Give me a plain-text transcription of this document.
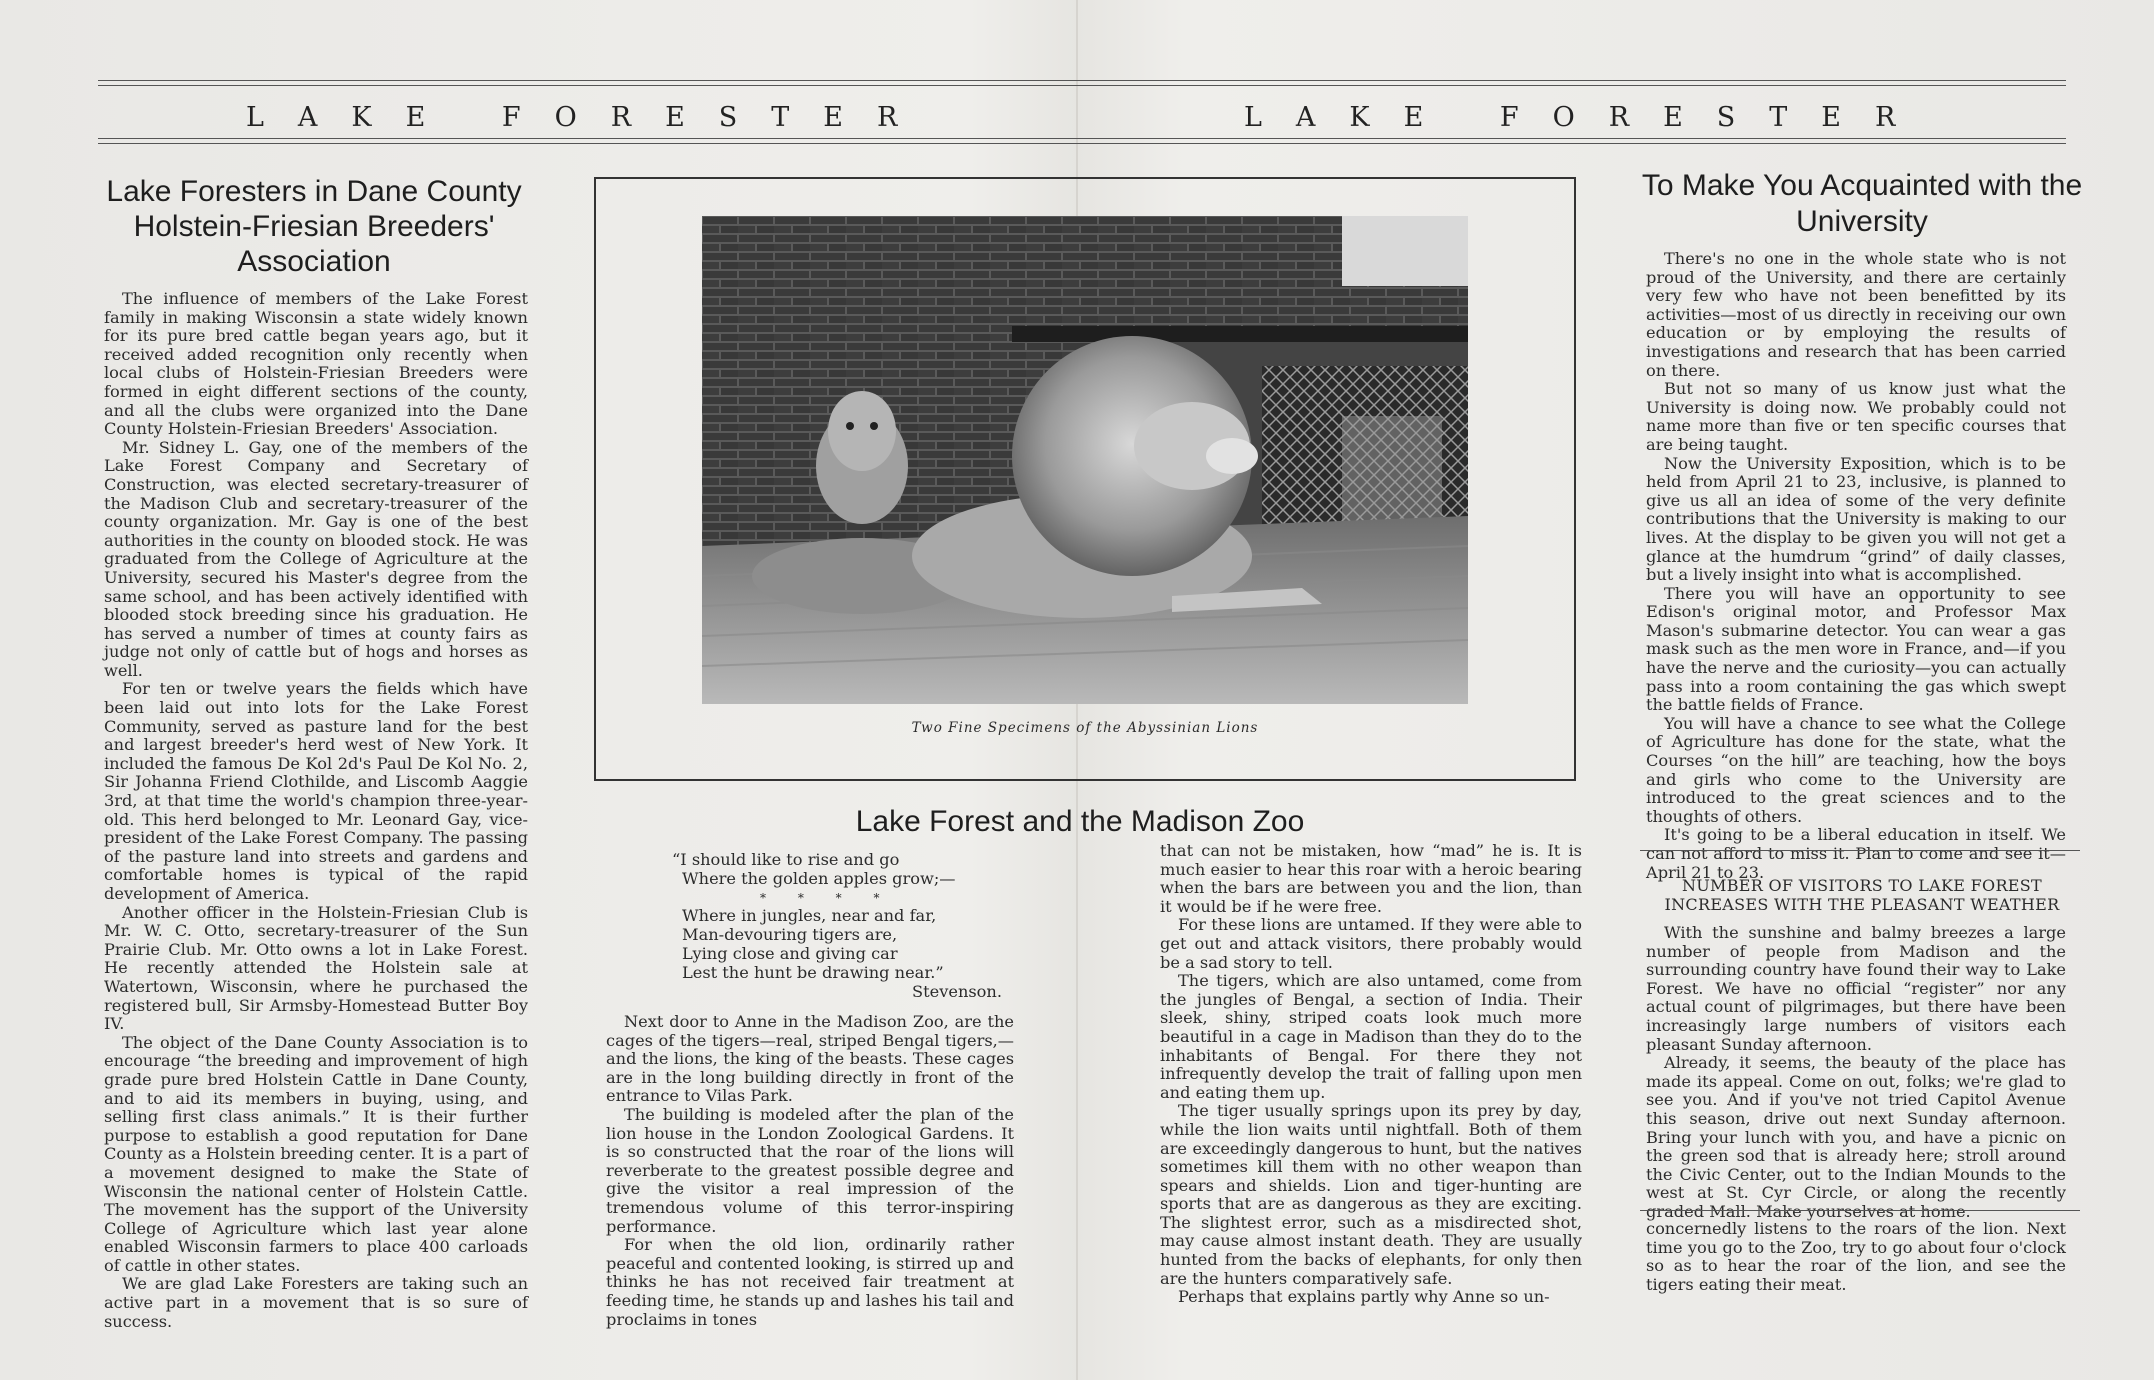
LAKE FORESTER	LAKE FORESTER
Lake Foresters in Dane County Holstein-Friesian Breeders' Association

The influence of members of the Lake Forest family in making Wisconsin a state widely known for its pure bred cattle began years ago, but it received added recognition only recently when local clubs of Holstein-Friesian Breeders were formed in eight different sections of the county, and all the clubs were organized into the Dane County Holstein-Friesian Breeders' Association.

Mr. Sidney L. Gay, one of the members of the Lake Forest Company and Secretary of Construction, was elected secretary-treasurer of the Madison Club and secretary-treasurer of the county organization. Mr. Gay is one of the best authorities in the county on blooded stock. He was graduated from the College of Agriculture at the University, secured his Master's degree from the same school, and has been actively identified with blooded stock breeding since his graduation. He has served a number of times at county fairs as judge not only of cattle but of hogs and horses as well.

For ten or twelve years the fields which have been laid out into lots for the Lake Forest Community, served as pasture land for the best and largest breeder's herd west of New York. It included the famous De Kol 2d's Paul De Kol No. 2, Sir Johanna Friend Clothilde, and Liscomb Aaggie 3rd, at that time the world's champion three-year-old. This herd belonged to Mr. Leonard Gay, vice-president of the Lake Forest Company. The passing of the pasture land into streets and gardens and comfortable homes is typical of the rapid development of America.

Another officer in the Holstein-Friesian Club is Mr. W. C. Otto, secretary-treasurer of the Sun Prairie Club. Mr. Otto owns a lot in Lake Forest. He recently attended the Holstein sale at Watertown, Wisconsin, where he purchased the registered bull, Sir Armsby-Homestead Butter Boy IV.

The object of the Dane County Association is to encourage “the breeding and improvement of high grade pure bred Holstein Cattle in Dane County, and to aid its members in buying, using, and selling first class animals.” It is their further purpose to establish a good reputation for Dane County as a Holstein breeding center. It is a part of a movement designed to make the State of Wisconsin the national center of Holstein Cattle. The movement has the support of the University College of Agriculture which last year alone enabled Wisconsin farmers to place 400 carloads of cattle in other states.

We are glad Lake Foresters are taking such an active part in a movement that is so sure of success.

Two Fine Specimens of the Abyssinian Lions
Lake Forest and the Madison Zoo
“I should like to rise and go
Where the golden apples grow;—
* * * *
Where in jungles, near and far,
Man-devouring tigers are,
Lying close and giving car
Lest the hunt be drawing near.”
Stevenson.

Next door to Anne in the Madison Zoo, are the cages of the tigers—real, striped Bengal tigers,— and the lions, the king of the beasts. These cages are in the long building directly in front of the entrance to Vilas Park.

The building is modeled after the plan of the lion house in the London Zoological Gardens. It is so constructed that the roar of the lions will reverberate to the greatest possible degree and give the visitor a real impression of the tremendous volume of this terror-inspiring performance.

For when the old lion, ordinarily rather peaceful and contented looking, is stirred up and thinks he has not received fair treatment at feeding time, he stands up and lashes his tail and proclaims in tones

that can not be mistaken, how “mad” he is. It is much easier to hear this roar with a heroic bearing when the bars are between you and the lion, than it would be if he were free.

For these lions are untamed. If they were able to get out and attack visitors, there probably would be a sad story to tell.

The tigers, which are also untamed, come from the jungles of Bengal, a section of India. Their sleek, shiny, striped coats look much more beautiful in a cage in Madison than they do to the inhabitants of Bengal. For there they not infrequently develop the trait of falling upon men and eating them up.

The tiger usually springs upon its prey by day, while the lion waits until nightfall. Both of them are exceedingly dangerous to hunt, but the natives sometimes kill them with no other weapon than spears and shields. Lion and tiger-hunting are sports that are as dangerous as they are exciting. The slightest error, such as a misdirected shot, may cause almost instant death. They are usually hunted from the backs of elephants, for only then are the hunters comparatively safe.

Perhaps that explains partly why Anne so un-

To Make You Acquainted with the University

There's no one in the whole state who is not proud of the University, and there are certainly very few who have not been benefitted by its activities—most of us directly in receiving our own education or by employing the results of investigations and research that has been carried on there.

But not so many of us know just what the University is doing now. We probably could not name more than five or ten specific courses that are being taught.

Now the University Exposition, which is to be held from April 21 to 23, inclusive, is planned to give us all an idea of some of the very definite contributions that the University is making to our lives. At the display to be given you will not get a glance at the humdrum “grind” of daily classes, but a lively insight into what is accomplished.

There you will have an opportunity to see Edison's original motor, and Professor Max Mason's submarine detector. You can wear a gas mask such as the men wore in France, and—if you have the nerve and the curiosity—you can actually pass into a room containing the gas which swept the battle fields of France.

You will have a chance to see what the College of Agriculture has done for the state, what the Courses “on the hill” are teaching, how the boys and girls who come to the University are introduced to the great sciences and to the thoughts of others.

It's going to be a liberal education in itself. We can not afford to miss it. Plan to come and see it— April 21 to 23.

NUMBER OF VISITORS TO LAKE FOREST INCREASES WITH THE PLEASANT WEATHER

With the sunshine and balmy breezes a large number of people from Madison and the surrounding country have found their way to Lake Forest. We have no official “register” nor any actual count of pilgrimages, but there have been increasingly large numbers of visitors each pleasant Sunday afternoon.

Already, it seems, the beauty of the place has made its appeal. Come on out, folks; we're glad to see you. And if you've not tried Capitol Avenue this season, drive out next Sunday afternoon. Bring your lunch with you, and have a picnic on the green sod that is already here; stroll around the Civic Center, out to the Indian Mounds to the west at St. Cyr Circle, or along the recently graded Mall. Make yourselves at home.

concernedly listens to the roars of the lion. Next time you go to the Zoo, try to go about four o'clock so as to hear the roar of the lion, and see the tigers eating their meat.
